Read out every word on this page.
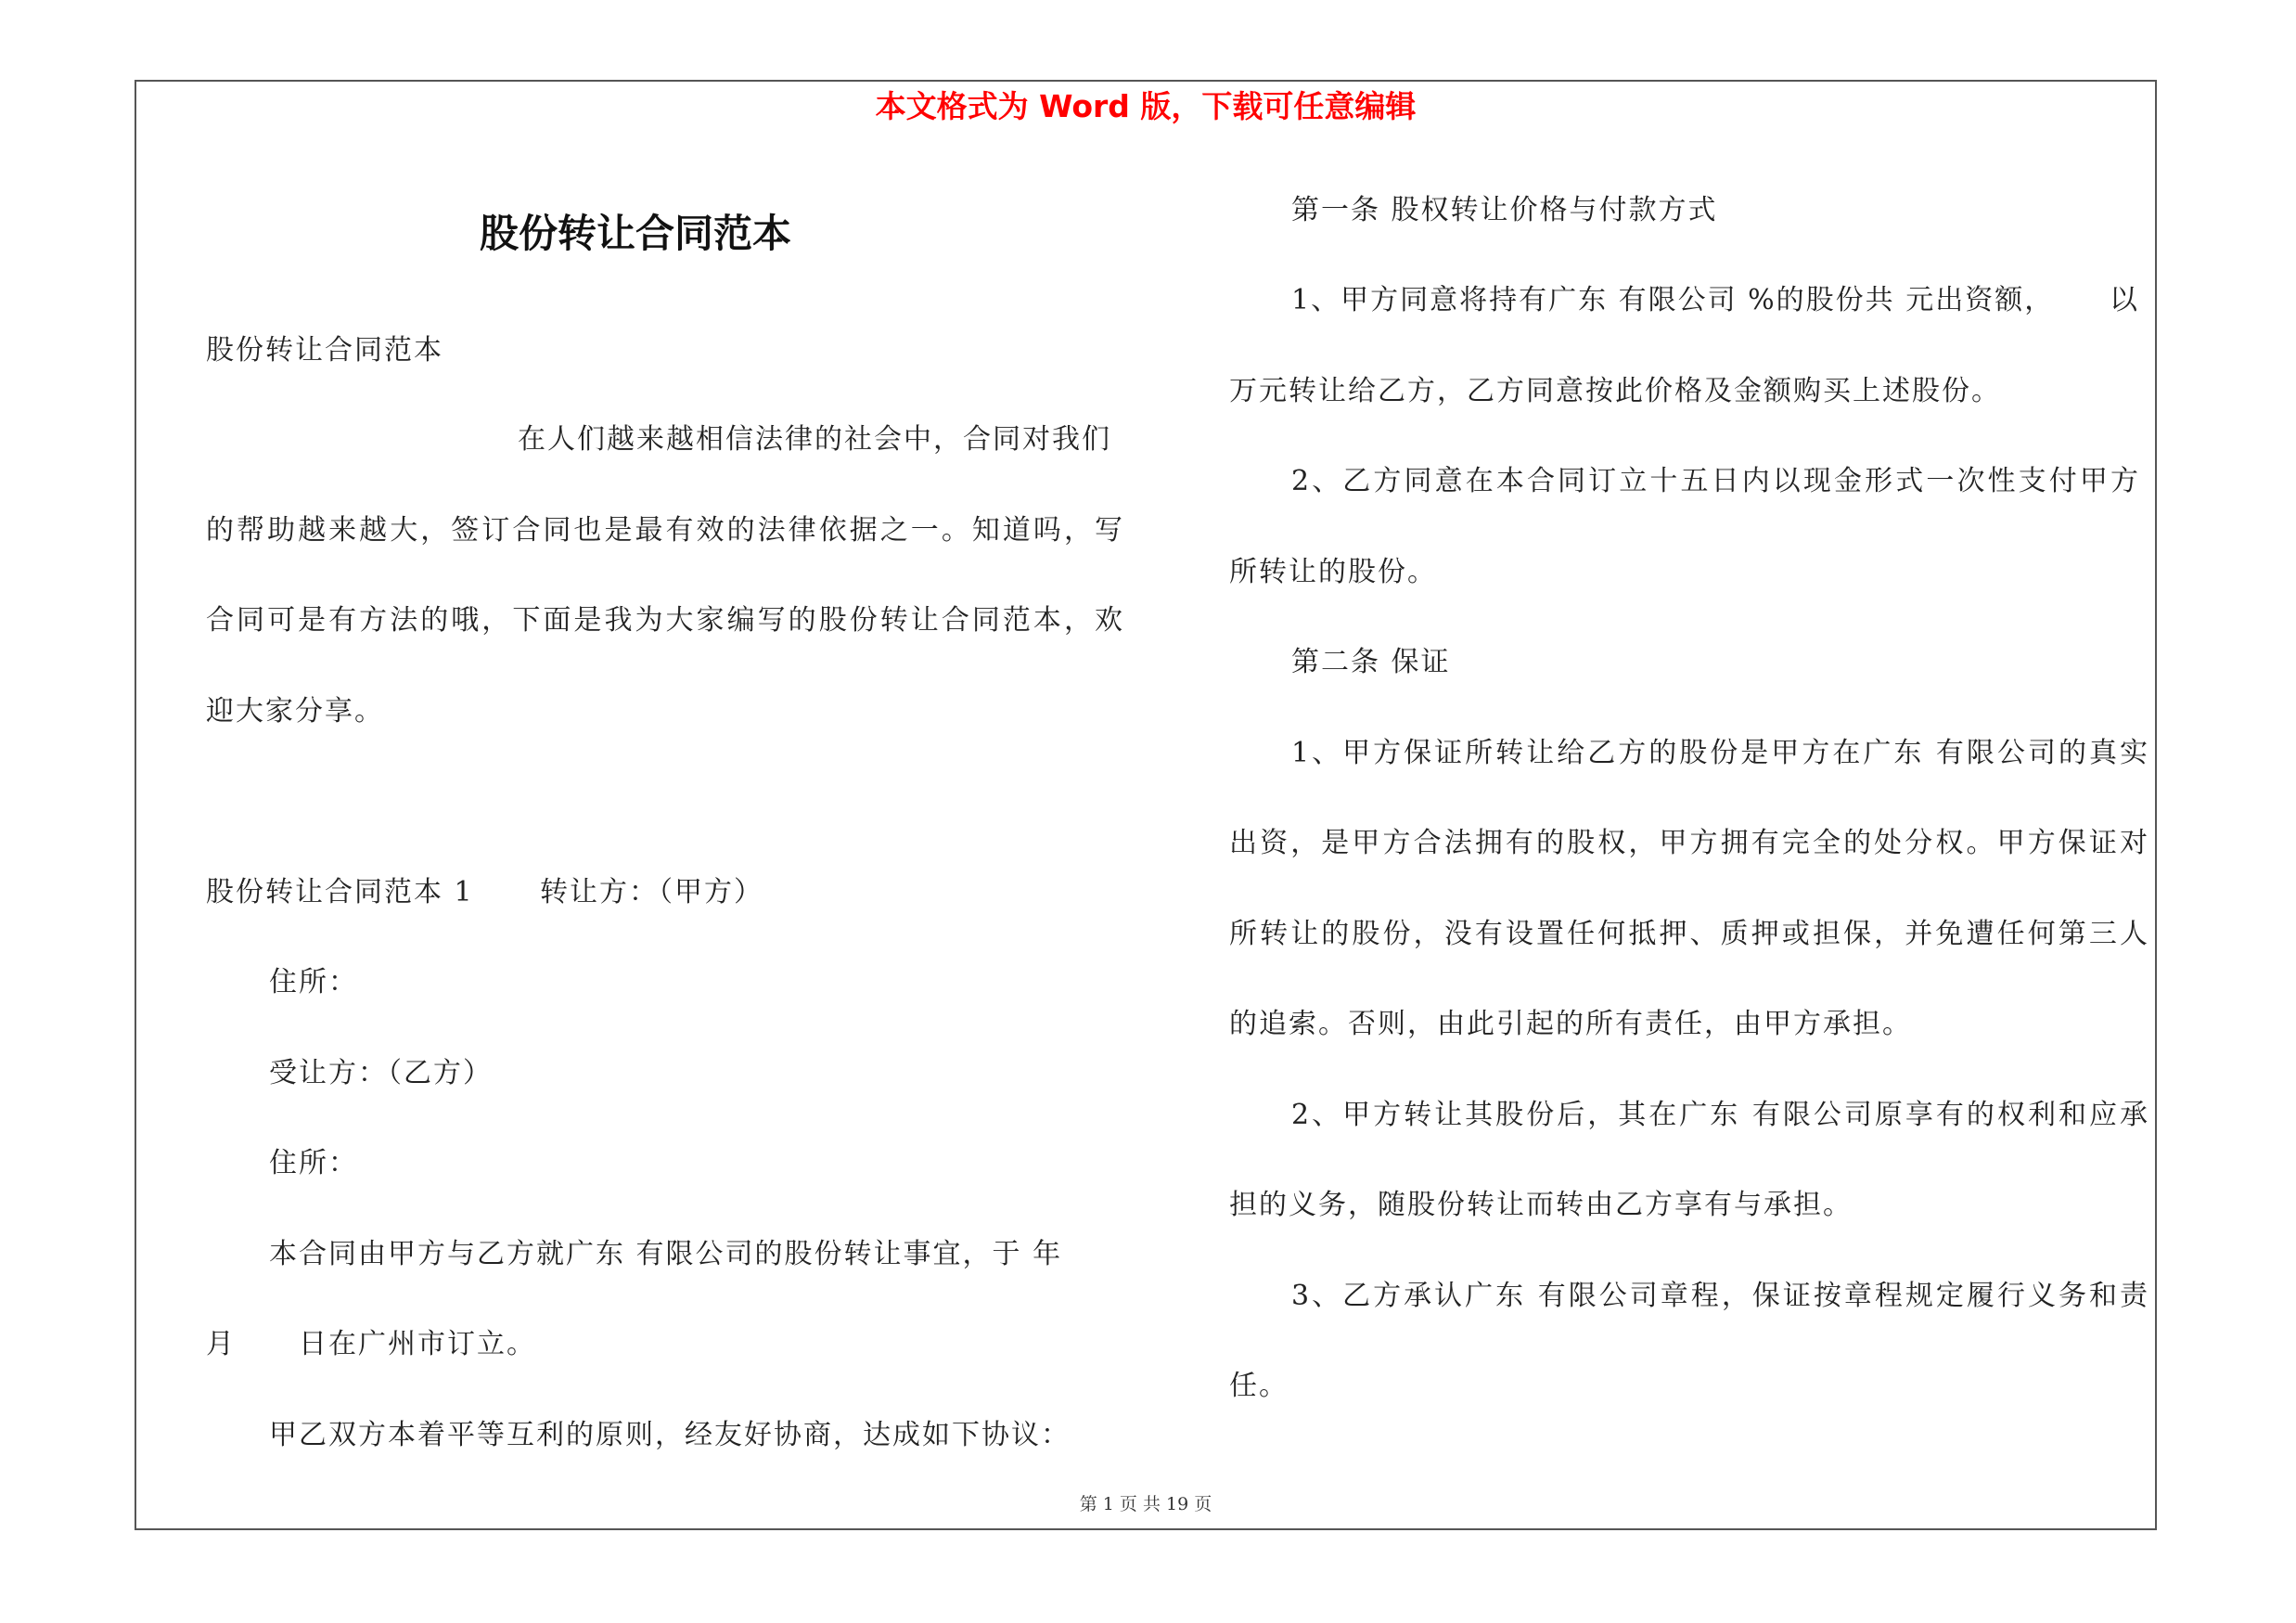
本文格式为 Word 版，下载可任意编辑
股份转让合同范本
股份转让合同范本
在人们越来越相信法律的社会中，合同对我们
的帮助越来越大，签订合同也是最有效的法律依据之一。知道吗，写
合同可是有方法的哦，下面是我为大家编写的股份转让合同范本，欢
迎大家分享。
股份转让合同范本 1 转让方：（甲方）
住所：
受让方：（乙方）
住所：
本合同由甲方与乙方就广东 有限公司的股份转让事宜，于 年
月 日在广州市订立。
甲乙双方本着平等互利的原则，经友好协商，达成如下协议：
第一条 股权转让价格与付款方式
1、甲方同意将持有广东 有限公司 %的股份共 元出资额， 以
万元转让给乙方，乙方同意按此价格及金额购买上述股份。
2、乙方同意在本合同订立十五日内以现金形式一次性支付甲方
所转让的股份。
第二条 保证
1、甲方保证所转让给乙方的股份是甲方在广东 有限公司的真实
出资，是甲方合法拥有的股权，甲方拥有完全的处分权。甲方保证对
所转让的股份，没有设置任何抵押、质押或担保，并免遭任何第三人
的追索。否则，由此引起的所有责任，由甲方承担。
2、甲方转让其股份后，其在广东 有限公司原享有的权利和应承
担的义务，随股份转让而转由乙方享有与承担。
3、乙方承认广东 有限公司章程，保证按章程规定履行义务和责
任。
第 1 页 共 19 页
